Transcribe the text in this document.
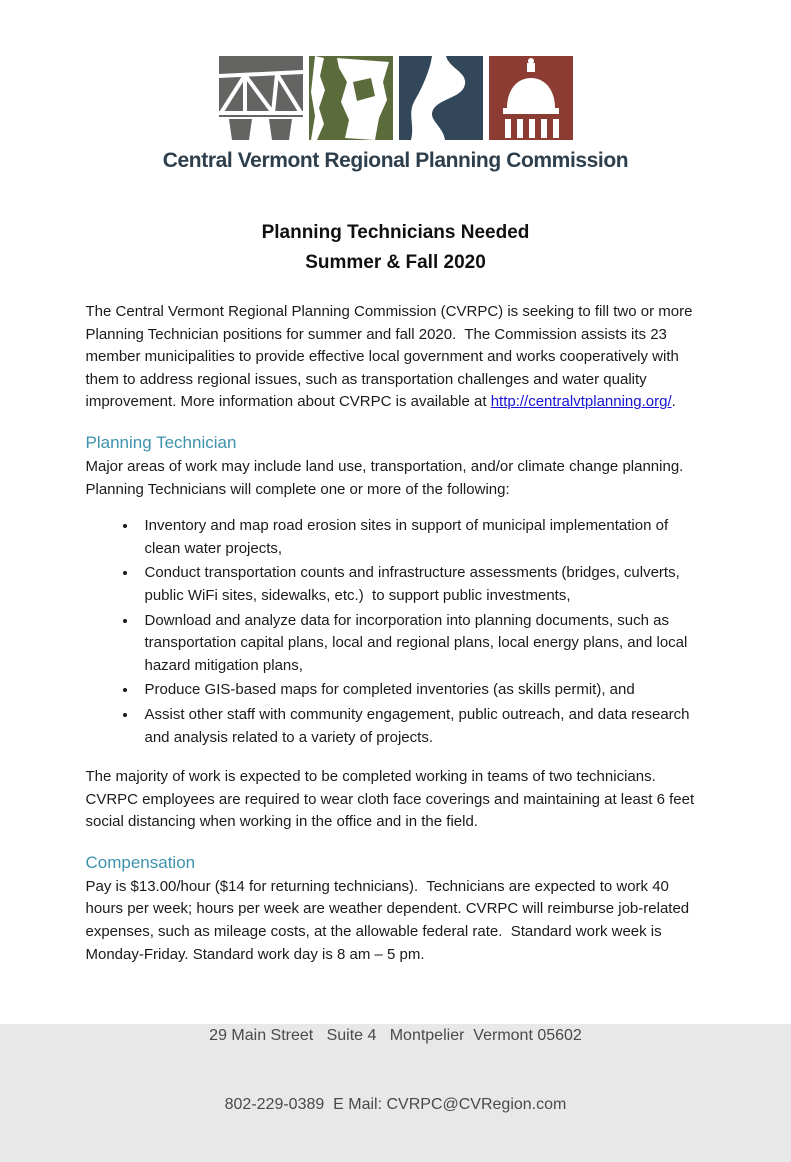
Central Vermont Regional Planning Commission
Planning Technicians Needed
Summer & Fall 2020

The Central Vermont Regional Planning Commission (CVRPC) is seeking to fill two or more Planning Technician positions for summer and fall 2020.  The Commission assists its 23 member municipalities to provide effective local government and works cooperatively with them to address regional issues, such as transportation challenges and water quality improvement. More information about CVRPC is available at http://centralvtplanning.org/.

Planning Technician

Major areas of work may include land use, transportation, and/or climate change planning. Planning Technicians will complete one or more of the following:

• Inventory and map road erosion sites in support of municipal implementation of clean water projects,
• Conduct transportation counts and infrastructure assessments (bridges, culverts, public WiFi sites, sidewalks, etc.)  to support public investments,
• Download and analyze data for incorporation into planning documents, such as transportation capital plans, local and regional plans, local energy plans, and local hazard mitigation plans,
• Produce GIS-based maps for completed inventories (as skills permit), and
• Assist other staff with community engagement, public outreach, and data research and analysis related to a variety of projects.

The majority of work is expected to be completed working in teams of two technicians.  CVRPC employees are required to wear cloth face coverings and maintaining at least 6 feet social distancing when working in the office and in the field.

Compensation

Pay is $13.00/hour ($14 for returning technicians).  Technicians are expected to work 40 hours per week; hours per week are weather dependent. CVRPC will reimburse job-related expenses, such as mileage costs, at the allowable federal rate.  Standard work week is Monday-Friday. Standard work day is 8 am – 5 pm.

29 Main Street   Suite 4   Montpelier  Vermont 05602

802-229-0389  E Mail: CVRPC@CVRegion.com
